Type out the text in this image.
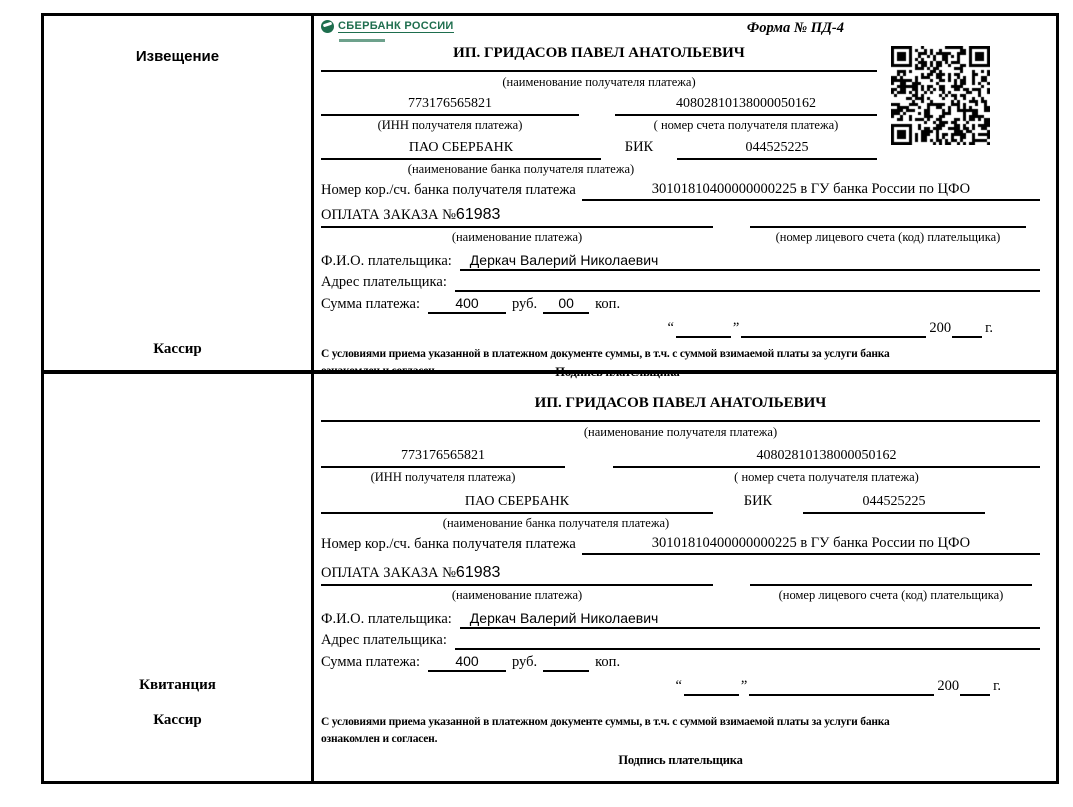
Извещение
Кассир
СБЕРБАНК РОССИИ	Форма № ПД-4
ИП. ГРИДАСОВ ПАВЕЛ АНАТОЛЬЕВИЧ
(наименование получателя платежа)
773176565821	40802810138000050162
(ИНН получателя платежа)	( номер счета получателя платежа)
ПАО СБЕРБАНК	БИК	044525225
(наименование банка получателя платежа)
Номер кор./сч. банка получателя платежа	30101810400000000225 в ГУ банка России по ЦФО
ОПЛАТА ЗАКАЗА №61983
(наименование платежа)	(номер лицевого счета (код) плательщика)
Ф.И.О. плательщика:	Деркач Валерий Николаевич
Адрес плательщика:
Сумма платежа:	400	руб.	00	коп.
“	”	200 г.
С условиями приема указанной в платежном документе суммы, в т.ч. с суммой взимаемой платы за услуги банка
ознакомлен и согласен.	Подпись плательщика
Квитанция
Кассир
ИП. ГРИДАСОВ ПАВЕЛ АНАТОЛЬЕВИЧ
(наименование получателя платежа)
773176565821	40802810138000050162
(ИНН получателя платежа)	( номер счета получателя платежа)
ПАО СБЕРБАНК	БИК	044525225
(наименование банка получателя платежа)
Номер кор./сч. банка получателя платежа	30101810400000000225 в ГУ банка России по ЦФО
ОПЛАТА ЗАКАЗА №61983
(наименование платежа)	(номер лицевого счета (код) плательщика)
Ф.И.О. плательщика:	Деркач Валерий Николаевич
Адрес плательщика:
Сумма платежа:	400	руб.	коп.
“	”	200 г.
С условиями приема указанной в платежном документе суммы, в т.ч. с суммой взимаемой платы за услуги банка
ознакомлен и согласен.
Подпись плательщика
